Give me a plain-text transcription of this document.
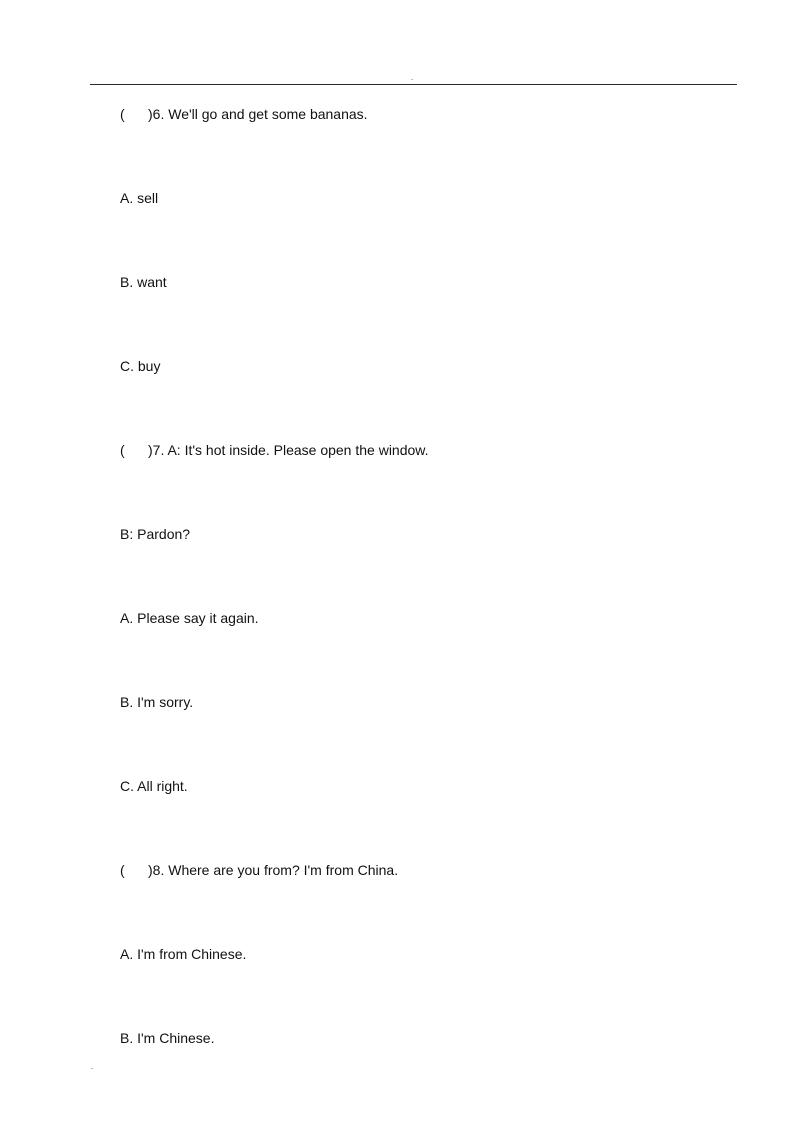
.
(      )6. We'll go and get some bananas.
A. sell
B. want
C. buy
(      )7. A: It's hot inside. Please open the window.
B: Pardon?
A. Please say it again.
B. I'm sorry.
C. All right.
(      )8. Where are you from? I'm from China.
A. I'm from Chinese.
B. I'm Chinese.
.
